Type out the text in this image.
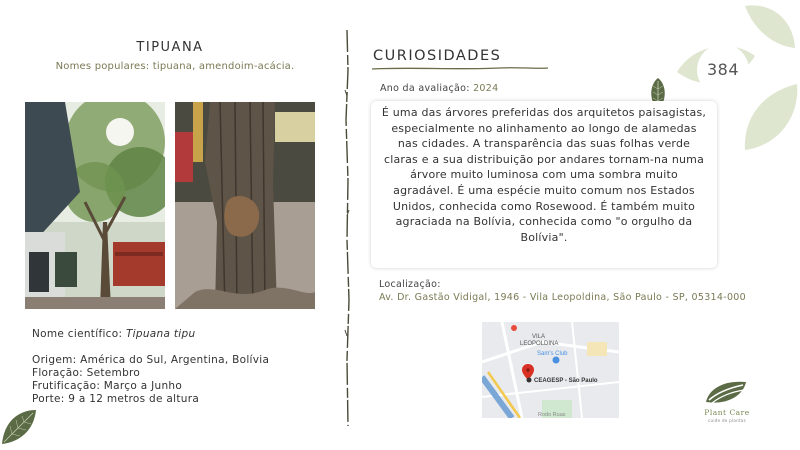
TIPUANA
Nomes populares: tipuana, amendoim-acácia.
Nome científico: Tipuana tipu
Origem: América do Sul, Argentina, Bolívia
Floração: Setembro
Frutificação: Março a Junho
Porte: 9 a 12 metros de altura
CURIOSIDADES
Ano da avaliação: 2024
É uma das árvores preferidas dos arquitetos paisagistas, especialmente no alinhamento ao longo de alamedas nas cidades. A transparência das suas folhas verde claras e a sua distribuição por andares tornam-na numa árvore muito luminosa com uma sombra muito agradável. É uma espécie muito comum nos Estados Unidos, conhecida como Rosewood. É também muito agraciada na Bolívia, conhecida como "o orgulho da Bolívia".
Localização:
Av. Dr. Gastão Vidigal, 1946 - Vila Leopoldina, São Paulo - SP, 05314-000
VILA
LEOPOLDINA
Sam's Club
CEAGESP - São Paulo
Rodo Ruas
384
Plant Care
cuide de plantas
